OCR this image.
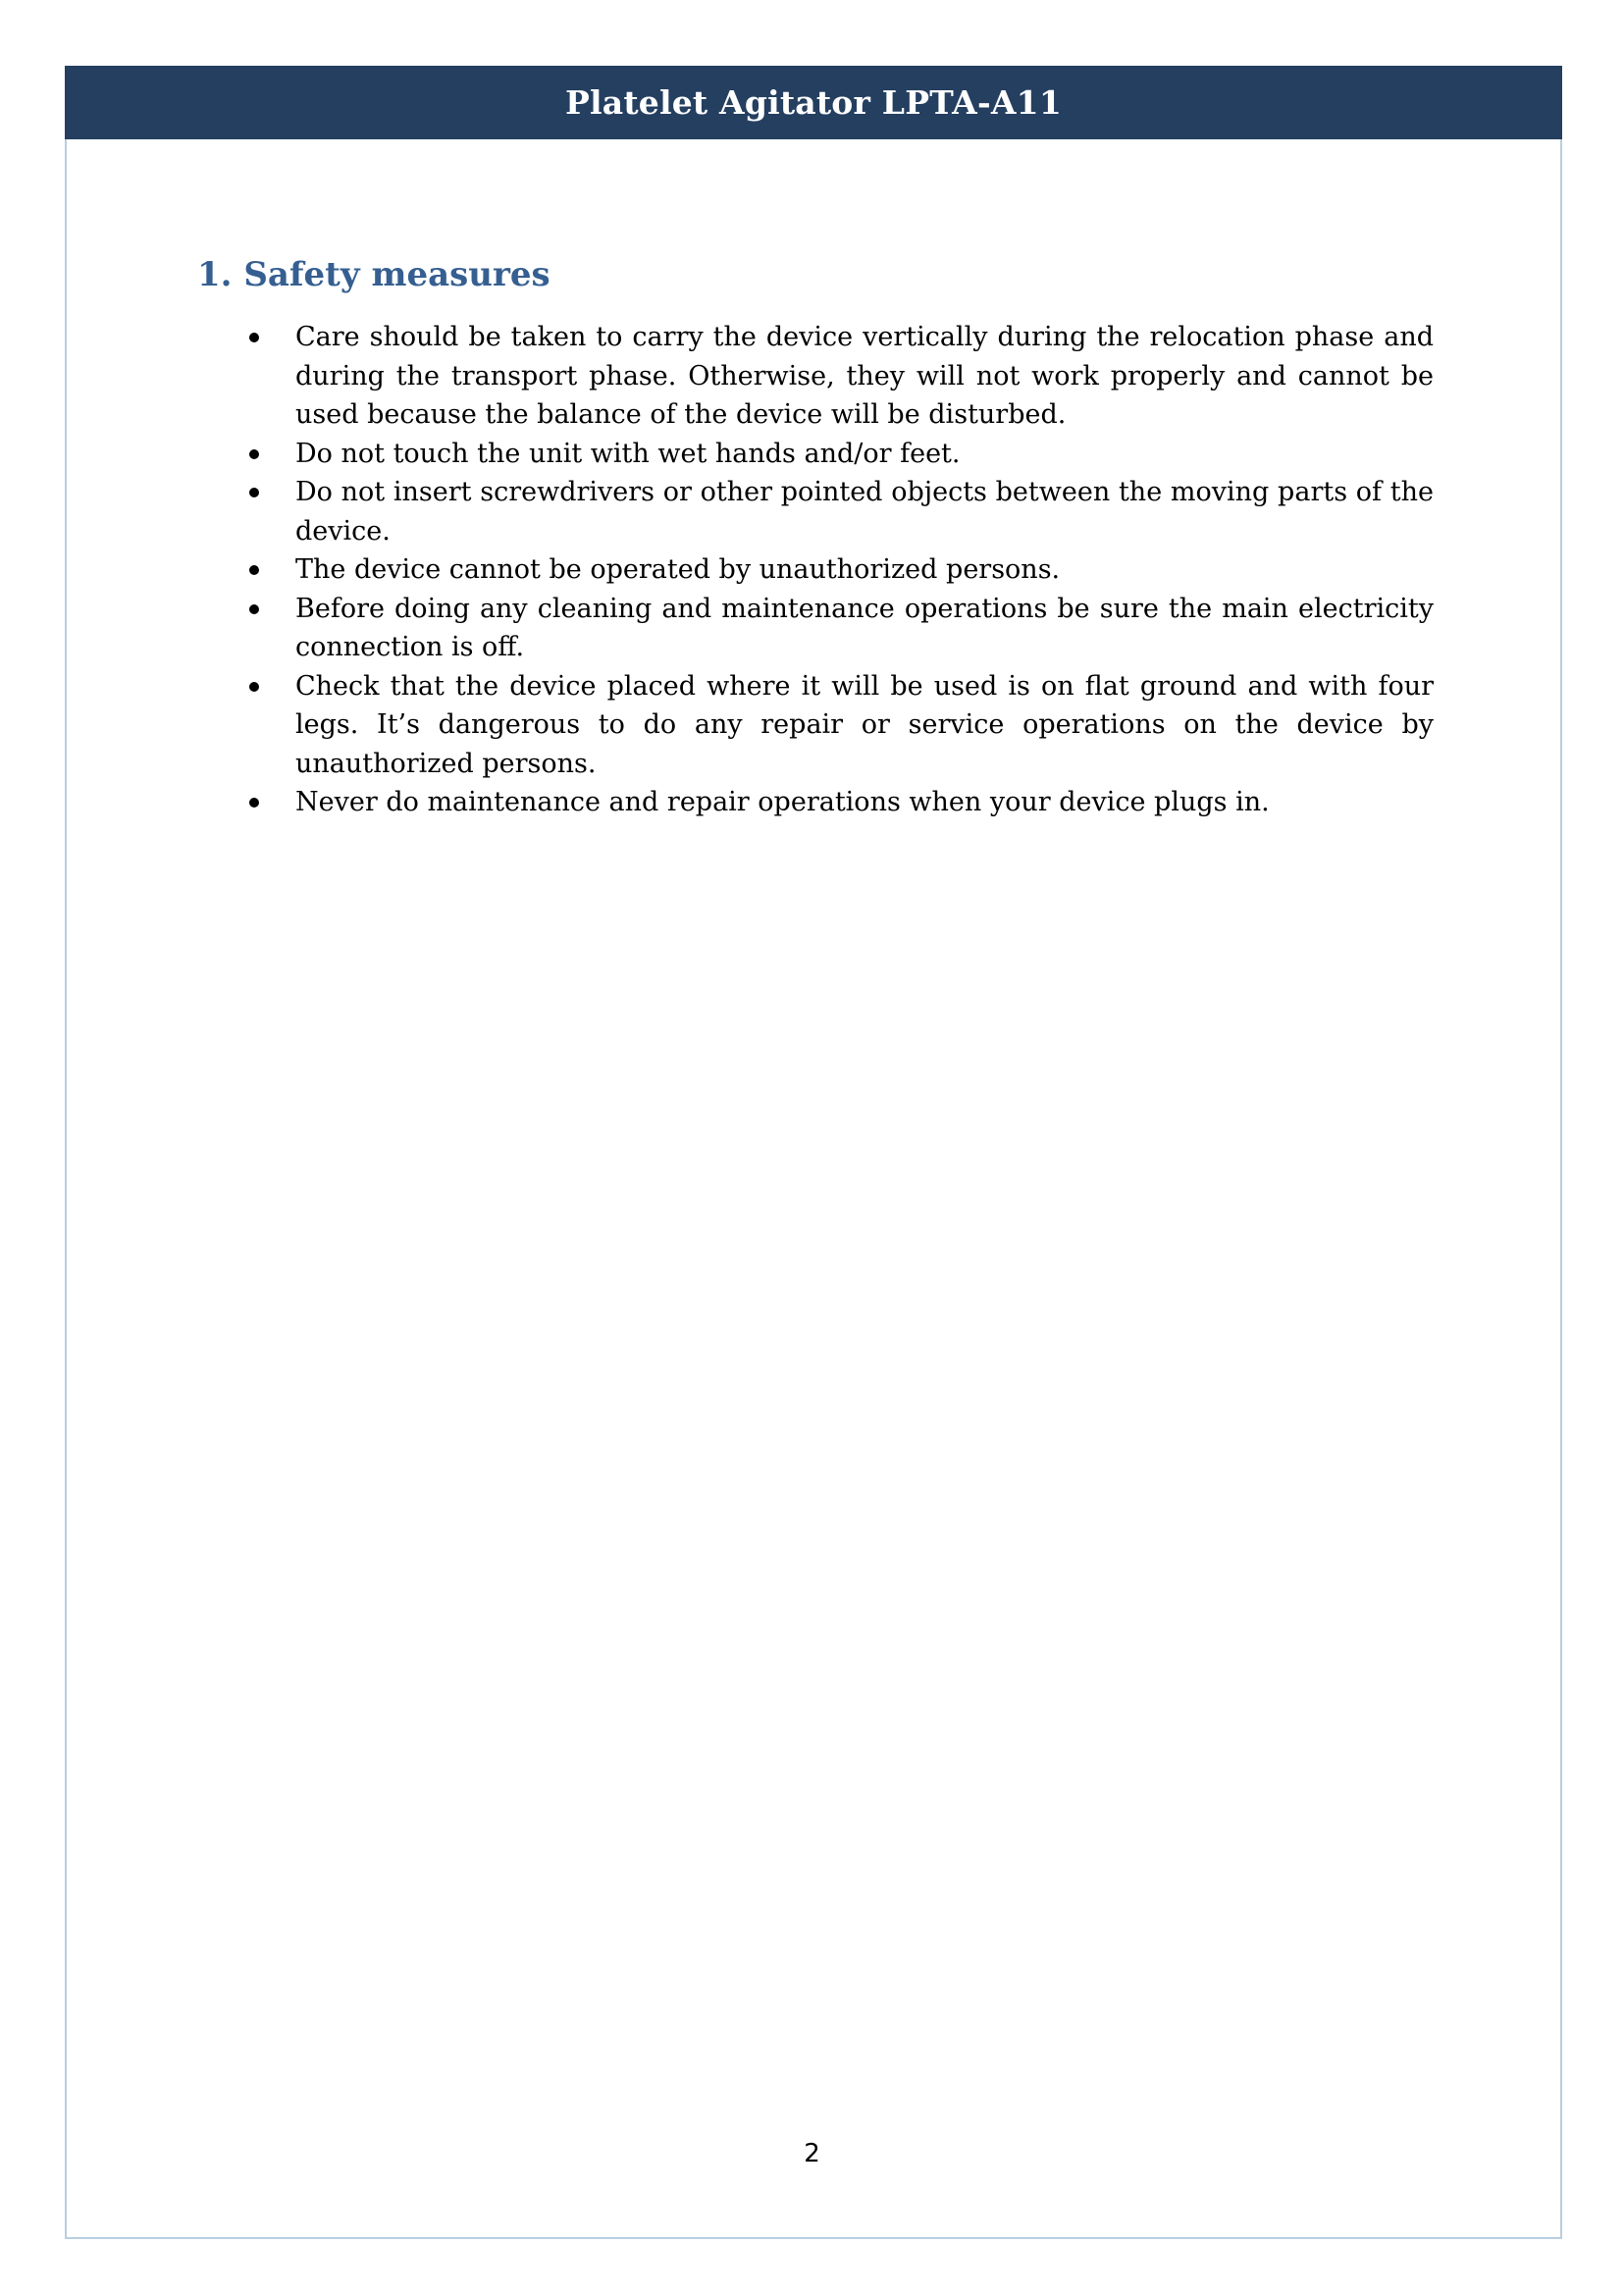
Platelet Agitator LPTA-A11
1. Safety measures
Care should be taken to carry the device vertically during the relocation phase and during the transport phase. Otherwise, they will not work properly and cannot be used because the balance of the device will be disturbed.
Do not touch the unit with wet hands and/or feet.
Do not insert screwdrivers or other pointed objects between the moving parts of the device.
The device cannot be operated by unauthorized persons.
Before doing any cleaning and maintenance operations be sure the main electricity connection is off.
Check that the device placed where it will be used is on flat ground and with four legs. It’s dangerous to do any repair or service operations on the device by unauthorized persons.
Never do maintenance and repair operations when your device plugs in.
2
